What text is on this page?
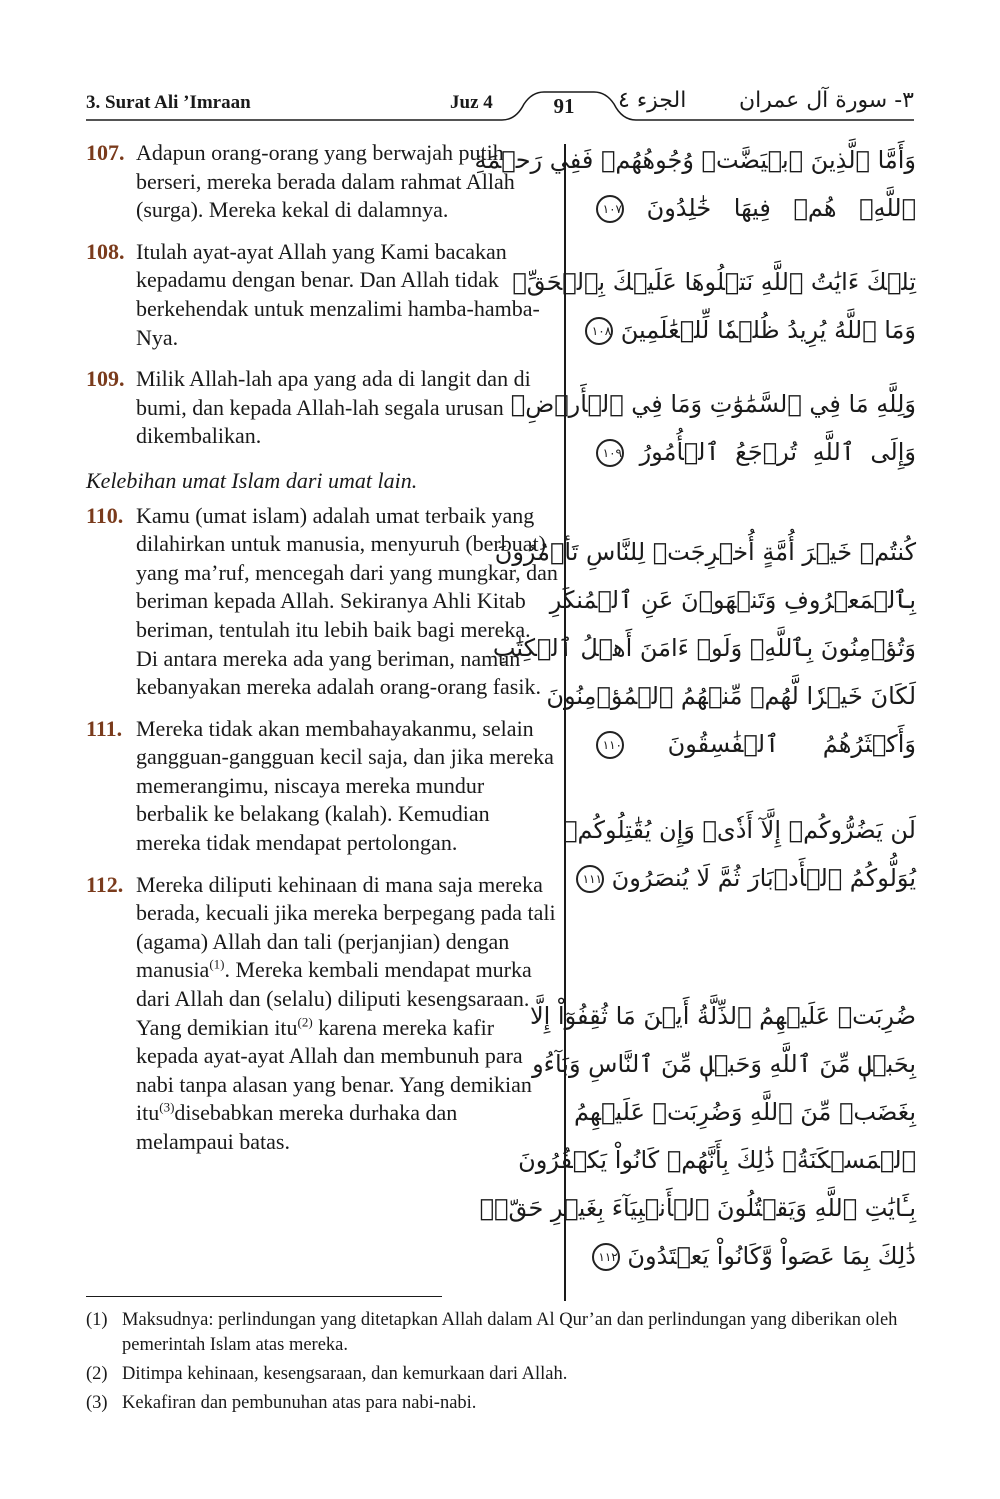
3. Surat Ali ’Imraan	Juz 4	91	الجزء ٤ ٣- سورة آل عمران
107. Adapun orang-orang yang berwajah putih berseri, mereka berada dalam rahmat Allah (surga). Mereka kekal di dalamnya.
108. Itulah ayat-ayat Allah yang Kami bacakan kepadamu dengan benar. Dan Allah tidak berkehendak untuk menzalimi hamba-hamba-Nya.
109. Milik Allah-lah apa yang ada di langit dan di bumi, dan kepada Allah-lah segala urusan dikembalikan.
Kelebihan umat Islam dari umat lain.
110. Kamu (umat islam) adalah umat terbaik yang dilahirkan untuk manusia, menyuruh (berbuat) yang ma’ruf, mencegah dari yang mungkar, dan beriman kepada Allah. Sekiranya Ahli Kitab beriman, tentulah itu lebih baik bagi mereka. Di antara mereka ada yang beriman, namun kebanyakan mereka adalah orang-orang fasik.
111. Mereka tidak akan membahayakanmu, selain gangguan-gangguan kecil saja, dan jika mereka memerangimu, niscaya mereka mundur berbalik ke belakang (kalah). Kemudian mereka tidak mendapat pertolongan.
112. Mereka diliputi kehinaan di mana saja mereka berada, kecuali jika mereka berpegang pada tali (agama) Allah dan tali (perjanjian) dengan manusia$^{(1)}$. Mereka kembali mendapat murka dari Allah dan (selalu) diliputi kesengsaraan. Yang demikian itu$^{(2)}$ karena mereka kafir kepada ayat-ayat Allah dan membunuh para nabi tanpa alasan yang benar. Yang demikian itu$^{(3)}$disebabkan mereka durhaka dan melampaui batas.
وَأَمَّا ٱلَّذِينَ ٱبۡيَضَّتۡ وُجُوهُهُمۡ فَفِي رَحۡمَةِ
ٱللَّهِۖ هُمۡ فِيهَا خَٰلِدُونَ ١٠٧
تِلۡكَ ءَايَٰتُ ٱللَّهِ نَتۡلُوهَا عَلَيۡكَ بِٱلۡحَقِّۗ
وَمَا ٱللَّهُ يُرِيدُ ظُلۡمٗا لِّلۡعَٰلَمِينَ ١٠٨
وَلِلَّهِ مَا فِي ٱلسَّمَٰوَٰتِ وَمَا فِي ٱلۡأَرۡضِۚ
وَإِلَى ٱللَّهِ تُرۡجَعُ ٱلۡأُمُورُ ١٠٩
كُنتُمۡ خَيۡرَ أُمَّةٍ أُخۡرِجَتۡ لِلنَّاسِ تَأۡمُرُونَ
بِٱلۡمَعۡرُوفِ وَتَنۡهَوۡنَ عَنِ ٱلۡمُنكَرِ
وَتُؤۡمِنُونَ بِٱللَّهِۗ وَلَوۡ ءَامَنَ أَهۡلُ ٱلۡكِتَٰبِ
لَكَانَ خَيۡرٗا لَّهُمۚ مِّنۡهُمُ ٱلۡمُؤۡمِنُونَ
وَأَكۡثَرُهُمُ ٱلۡفَٰسِقُونَ ١١٠
لَن يَضُرُّوكُمۡ إِلَّآ أَذٗىۖ وَإِن يُقَٰتِلُوكُمۡ
يُوَلُّوكُمُ ٱلۡأَدۡبَارَ ثُمَّ لَا يُنصَرُونَ ١١١
ضُرِبَتۡ عَلَيۡهِمُ ٱلذِّلَّةُ أَيۡنَ مَا ثُقِفُوٓاْ إِلَّا
بِحَبۡلٖ مِّنَ ٱللَّهِ وَحَبۡلٖ مِّنَ ٱلنَّاسِ وَبَآءُو
بِغَضَبٖ مِّنَ ٱللَّهِ وَضُرِبَتۡ عَلَيۡهِمُ
ٱلۡمَسۡكَنَةُۚ ذَٰلِكَ بِأَنَّهُمۡ كَانُواْ يَكۡفُرُونَ
بِـَٔايَٰتِ ٱللَّهِ وَيَقۡتُلُونَ ٱلۡأَنۢبِيَآءَ بِغَيۡرِ حَقّٖۚ
ذَٰلِكَ بِمَا عَصَواْ وَّكَانُواْ يَعۡتَدُونَ ١١٢
(1) Maksudnya: perlindungan yang ditetapkan Allah dalam Al Qur’an dan perlindungan yang diberikan oleh pemerintah Islam atas mereka.
(2) Ditimpa kehinaan, kesengsaraan, dan kemurkaan dari Allah.
(3) Kekafiran dan pembunuhan atas para nabi-nabi.
